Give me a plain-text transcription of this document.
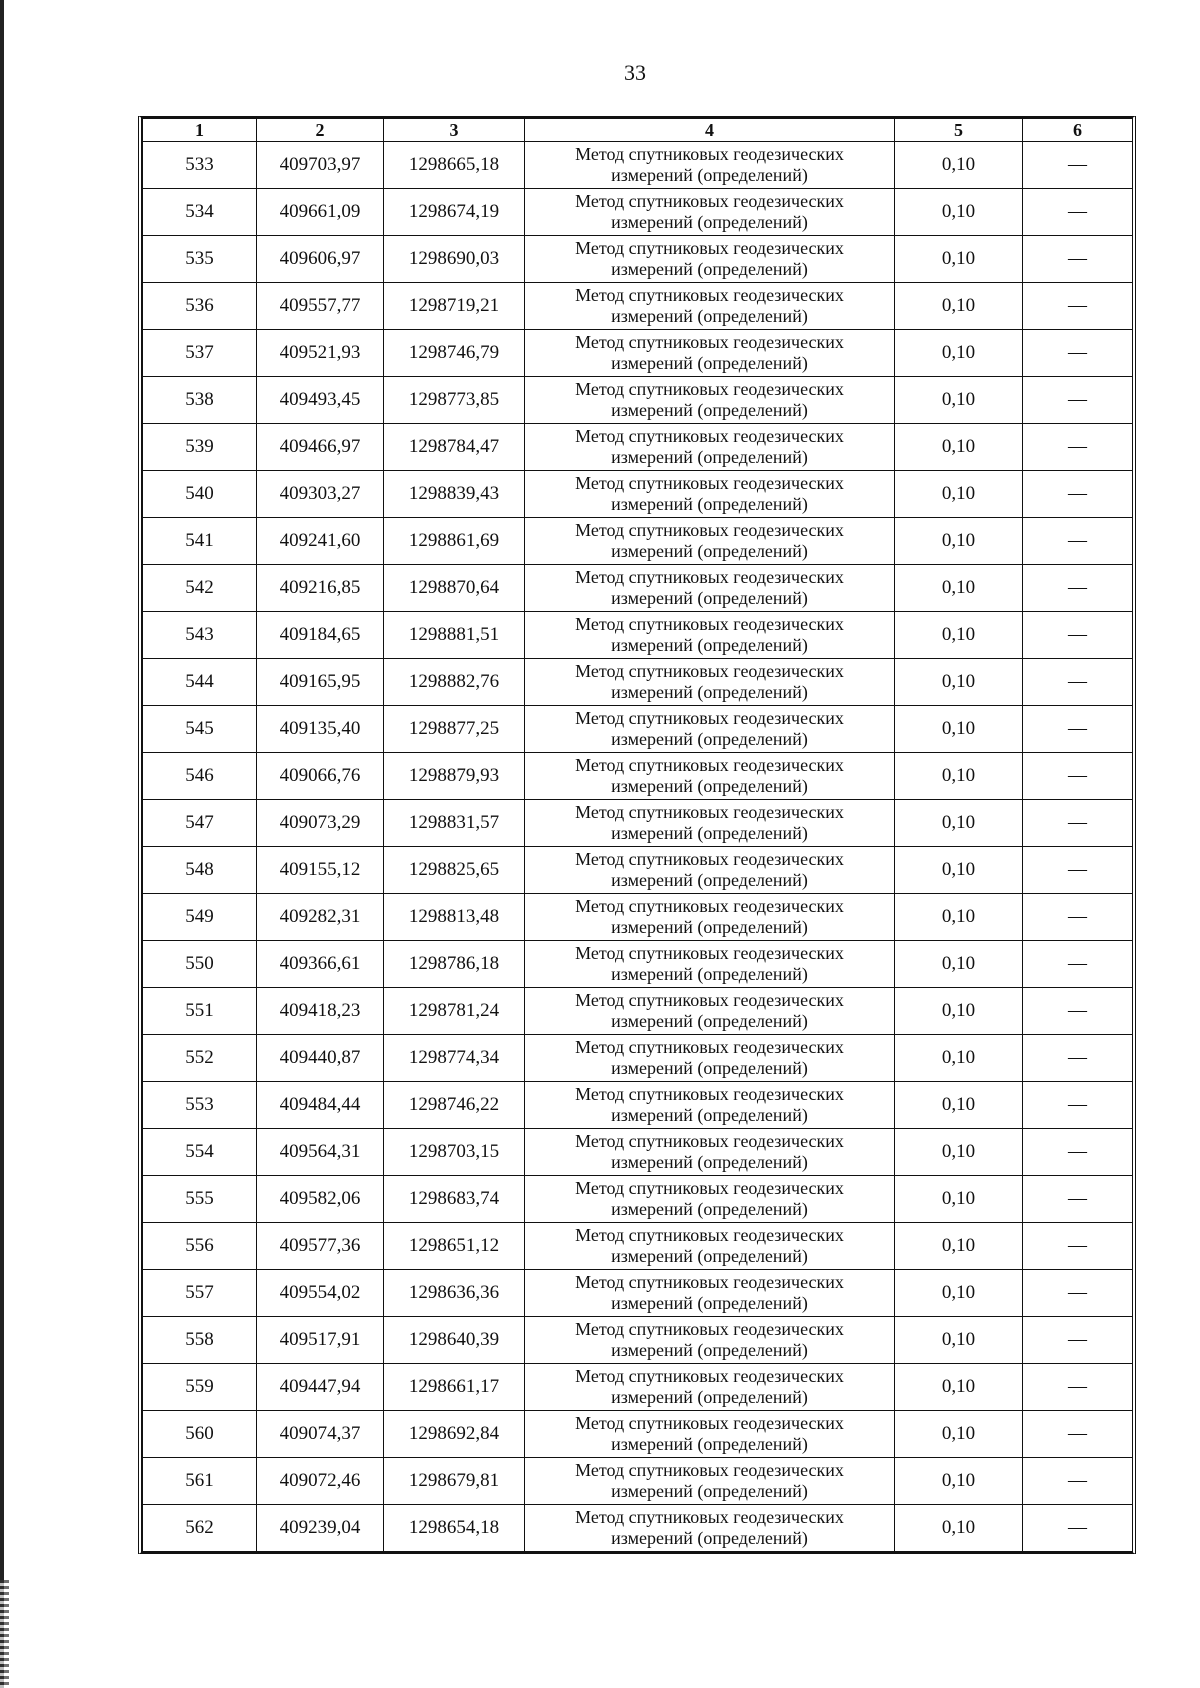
33
1	2	3	4	5	6
533	409703,97	1298665,18	Метод спутниковых геодезических
измерений (определений)	0,10	—
534	409661,09	1298674,19	Метод спутниковых геодезических
измерений (определений)	0,10	—
535	409606,97	1298690,03	Метод спутниковых геодезических
измерений (определений)	0,10	—
536	409557,77	1298719,21	Метод спутниковых геодезических
измерений (определений)	0,10	—
537	409521,93	1298746,79	Метод спутниковых геодезических
измерений (определений)	0,10	—
538	409493,45	1298773,85	Метод спутниковых геодезических
измерений (определений)	0,10	—
539	409466,97	1298784,47	Метод спутниковых геодезических
измерений (определений)	0,10	—
540	409303,27	1298839,43	Метод спутниковых геодезических
измерений (определений)	0,10	—
541	409241,60	1298861,69	Метод спутниковых геодезических
измерений (определений)	0,10	—
542	409216,85	1298870,64	Метод спутниковых геодезических
измерений (определений)	0,10	—
543	409184,65	1298881,51	Метод спутниковых геодезических
измерений (определений)	0,10	—
544	409165,95	1298882,76	Метод спутниковых геодезических
измерений (определений)	0,10	—
545	409135,40	1298877,25	Метод спутниковых геодезических
измерений (определений)	0,10	—
546	409066,76	1298879,93	Метод спутниковых геодезических
измерений (определений)	0,10	—
547	409073,29	1298831,57	Метод спутниковых геодезических
измерений (определений)	0,10	—
548	409155,12	1298825,65	Метод спутниковых геодезических
измерений (определений)	0,10	—
549	409282,31	1298813,48	Метод спутниковых геодезических
измерений (определений)	0,10	—
550	409366,61	1298786,18	Метод спутниковых геодезических
измерений (определений)	0,10	—
551	409418,23	1298781,24	Метод спутниковых геодезических
измерений (определений)	0,10	—
552	409440,87	1298774,34	Метод спутниковых геодезических
измерений (определений)	0,10	—
553	409484,44	1298746,22	Метод спутниковых геодезических
измерений (определений)	0,10	—
554	409564,31	1298703,15	Метод спутниковых геодезических
измерений (определений)	0,10	—
555	409582,06	1298683,74	Метод спутниковых геодезических
измерений (определений)	0,10	—
556	409577,36	1298651,12	Метод спутниковых геодезических
измерений (определений)	0,10	—
557	409554,02	1298636,36	Метод спутниковых геодезических
измерений (определений)	0,10	—
558	409517,91	1298640,39	Метод спутниковых геодезических
измерений (определений)	0,10	—
559	409447,94	1298661,17	Метод спутниковых геодезических
измерений (определений)	0,10	—
560	409074,37	1298692,84	Метод спутниковых геодезических
измерений (определений)	0,10	—
561	409072,46	1298679,81	Метод спутниковых геодезических
измерений (определений)	0,10	—
562	409239,04	1298654,18	Метод спутниковых геодезических
измерений (определений)	0,10	—
